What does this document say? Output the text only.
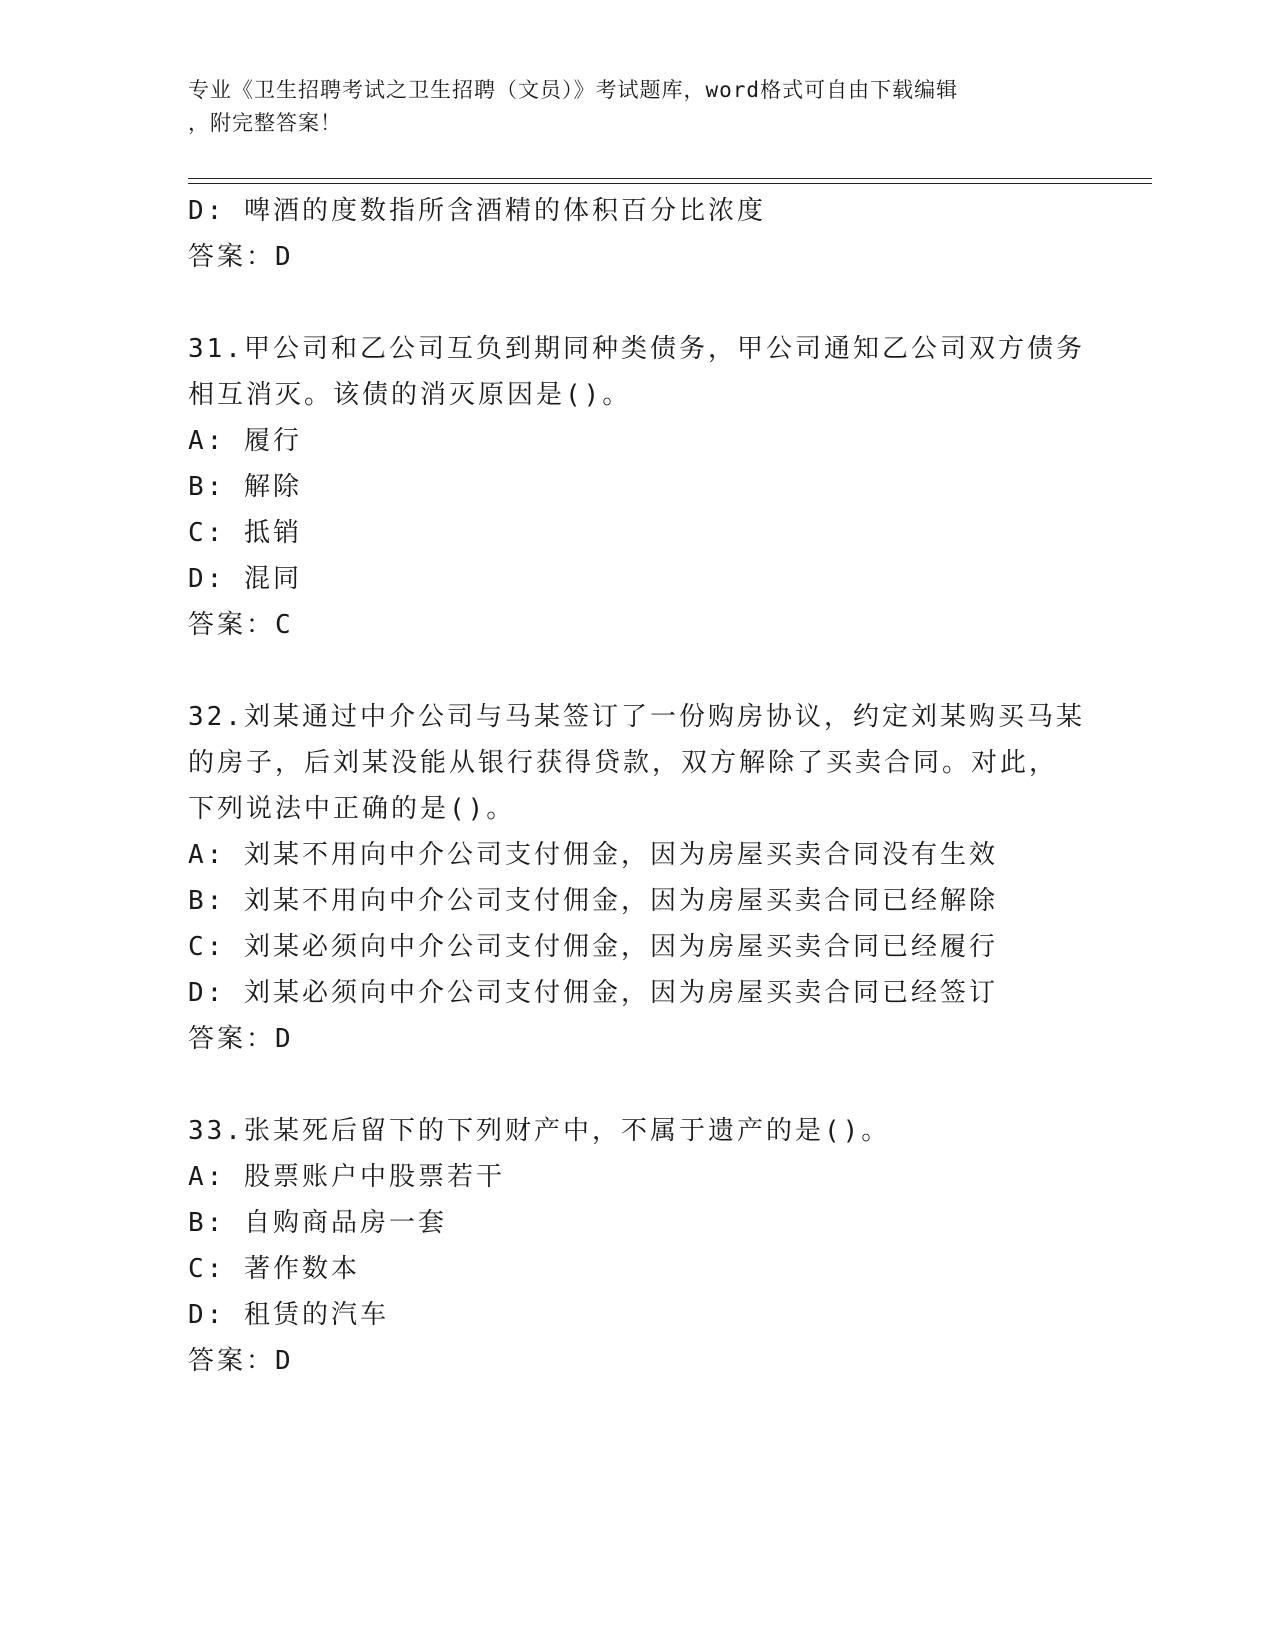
专业《卫生招聘考试之卫生招聘（文员）》考试题库，word格式可自由下载编辑
，附完整答案！
D: 啤酒的度数指所含酒精的体积百分比浓度
答案：D
31.甲公司和乙公司互负到期同种类债务，甲公司通知乙公司双方债务
相互消灭。该债的消灭原因是()。
A: 履行
B: 解除
C: 抵销
D: 混同
答案：C
32.刘某通过中介公司与马某签订了一份购房协议，约定刘某购买马某
的房子，后刘某没能从银行获得贷款，双方解除了买卖合同。对此，
下列说法中正确的是()。
A: 刘某不用向中介公司支付佣金，因为房屋买卖合同没有生效
B: 刘某不用向中介公司支付佣金，因为房屋买卖合同已经解除
C: 刘某必须向中介公司支付佣金，因为房屋买卖合同已经履行
D: 刘某必须向中介公司支付佣金，因为房屋买卖合同已经签订
答案：D
33.张某死后留下的下列财产中，不属于遗产的是()。
A: 股票账户中股票若干
B: 自购商品房一套
C: 著作数本
D: 租赁的汽车
答案：D
